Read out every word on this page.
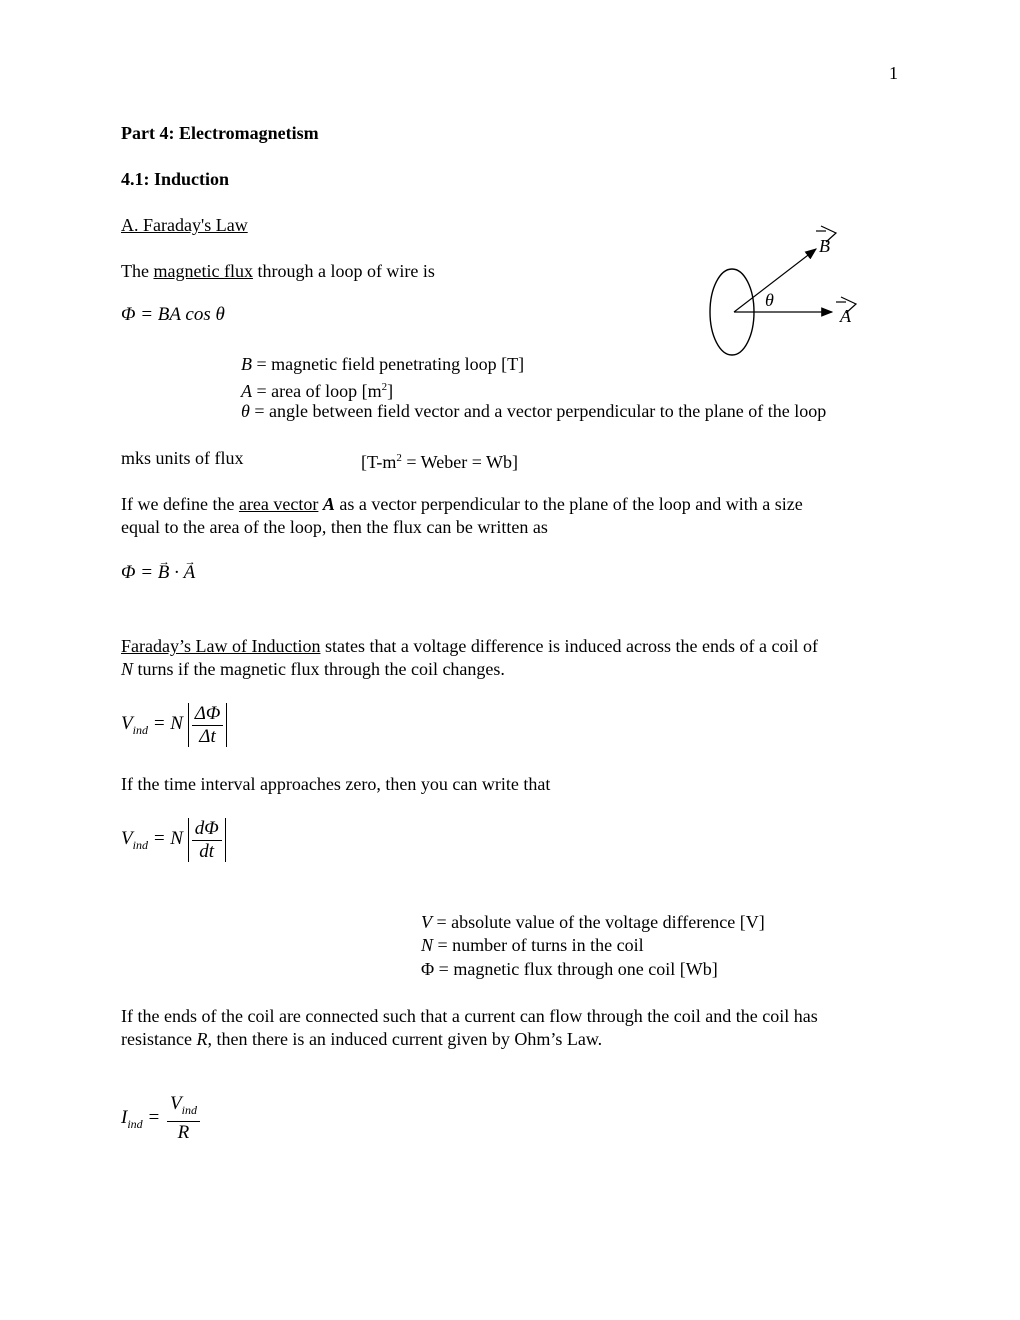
1
Part 4: Electromagnetism
4.1: Induction
A. Faraday's Law
The magnetic flux through a loop of wire is
Φ = BA cos θ
B
A
θ
B = magnetic field penetrating loop [T]
A = area of loop $[m^2]$
θ = angle between field vector and a vector perpendicular to the plane of the loop
mks units of flux	[$T-m^2$ = Weber = Wb]
If we define the area vector A as a vector perpendicular to the plane of the loop and with a size
equal to the area of the loop, then the flux can be written as
Φ = → B · → A
Faraday’s Law of Induction states that a voltage difference is induced across the ends of a coil of
N turns if the magnetic flux through the coil changes.
$V_{ind} = N \frac{\Delta\Phi}{\Delta t}$
If the time interval approaches zero, then you can write that
$V_{ind} = N \frac{d\Phi}{dt}$
V = absolute value of the voltage difference [V]
N = number of turns in the coil
Φ = magnetic flux through one coil [Wb]
If the ends of the coil are connected such that a current can flow through the coil and the coil has
resistance R, then there is an induced current given by Ohm’s Law.
$I_{ind} = \frac{V_{ind}}{R}$
